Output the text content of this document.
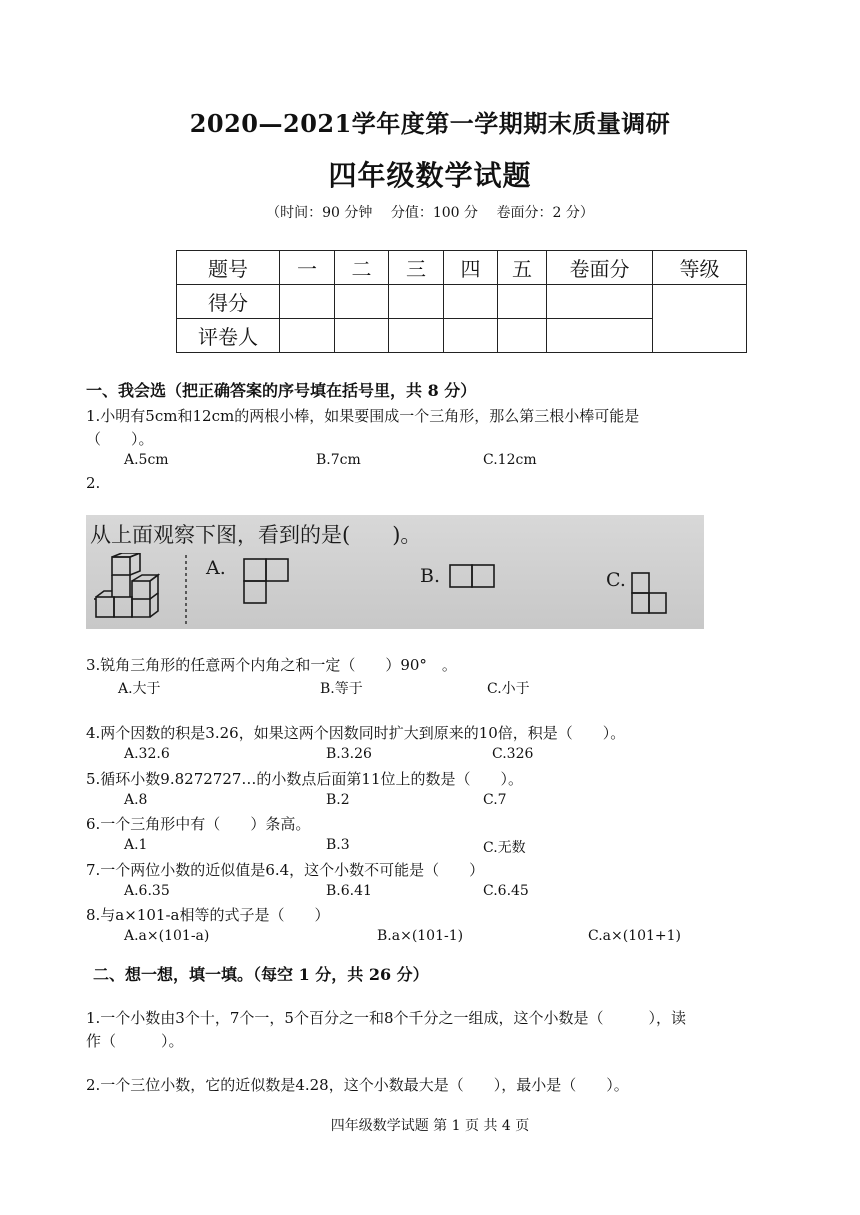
2020—2021学年度第一学期期末质量调研
四年级数学试题
（时间：90 分钟　 分值：100 分　 卷面分：2 分）
题号	一	二	三	四	五	卷面分	等级
得分							
评卷人							
一、我会选（把正确答案的序号填在括号里，共 8 分）
1.小明有5cm和12cm的两根小棒，如果要围成一个三角形，那么第三根小棒可能是
（　　）。
A.5cm	B.7cm	C.12cm
2.
从上面观察下图，看到的是(　　)。
A.	B.	C.
3.锐角三角形的任意两个内角之和一定（　　）90°　。
A.大于	B.等于	C.小于
4.两个因数的积是3.26，如果这两个因数同时扩大到原来的10倍，积是（　　）。
A.32.6	B.3.26	C.326
5.循环小数9.8272727…的小数点后面第11位上的数是（　　）。
A.8	B.2	C.7
6.一个三角形中有（　　）条高。
A.1	B.3	C.无数
7.一个两位小数的近似值是6.4，这个小数不可能是（　　）
A.6.35	B.6.41	C.6.45
8.与a×101-a相等的式子是（　　）
A.a×(101-a)	B.a×(101-1)	C.a×(101+1)
二、想一想，填一填。（每空 1 分，共 26 分）
1.一个小数由3个十，7个一，5个百分之一和8个千分之一组成，这个小数是（　　　），读
作（　　　）。
2.一个三位小数，它的近似数是4.28，这个小数最大是（　　），最小是（　　）。
四年级数学试题 第 1 页 共 4 页
